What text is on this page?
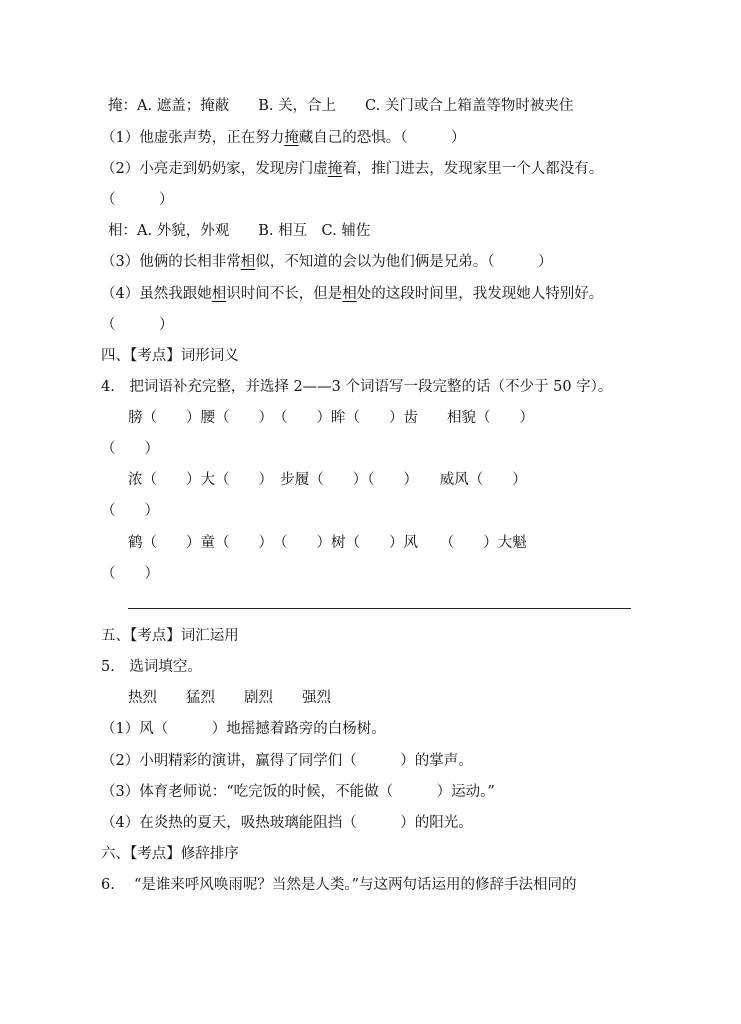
掩：A. 遮盖；掩蔽　　B. 关，合上　　C. 关门或合上箱盖等物时被夹住
（1）他虚张声势，正在努力掩藏自己的恐惧。（　　　）
（2）小亮走到奶奶家，发现房门虚掩着，推门进去，发现家里一个人都没有。
（　　　）
相：A. 外貌，外观　　B. 相互　C. 辅佐
（3）他俩的长相非常相似，不知道的会以为他们俩是兄弟。（　　　）
（4）虽然我跟她相识时间不长，但是相处的这段时间里，我发现她人特别好。
（　　　）
四、【考点】词形词义
4.　把词语补充完整，并选择 2——3 个词语写一段完整的话（不少于 50 字）。
膀（　　）腰（　　）　（　　）眸（　　）齿　　相貌（　　）
（　　）
浓（　　）大（　　）　步履（　　）（　　）　　威风（　　）
（　　）
鹤（　　）童（　　）　（　　）树（　　）风　　（　　）大魁
（　　）
五、【考点】词汇运用
5.　选词填空。
热烈　　猛烈　　剧烈　　强烈
（1）风（　　　）地摇撼着路旁的白杨树。
（2）小明精彩的演讲，赢得了同学们（　　　）的掌声。
（3）体育老师说：“吃完饭的时候，不能做（　　　）运动。”
（4）在炎热的夏天，吸热玻璃能阻挡（　　　）的阳光。
六、【考点】修辞排序
6.　 “是谁来呼风唤雨呢？当然是人类。”与这两句话运用的修辞手法相同的
